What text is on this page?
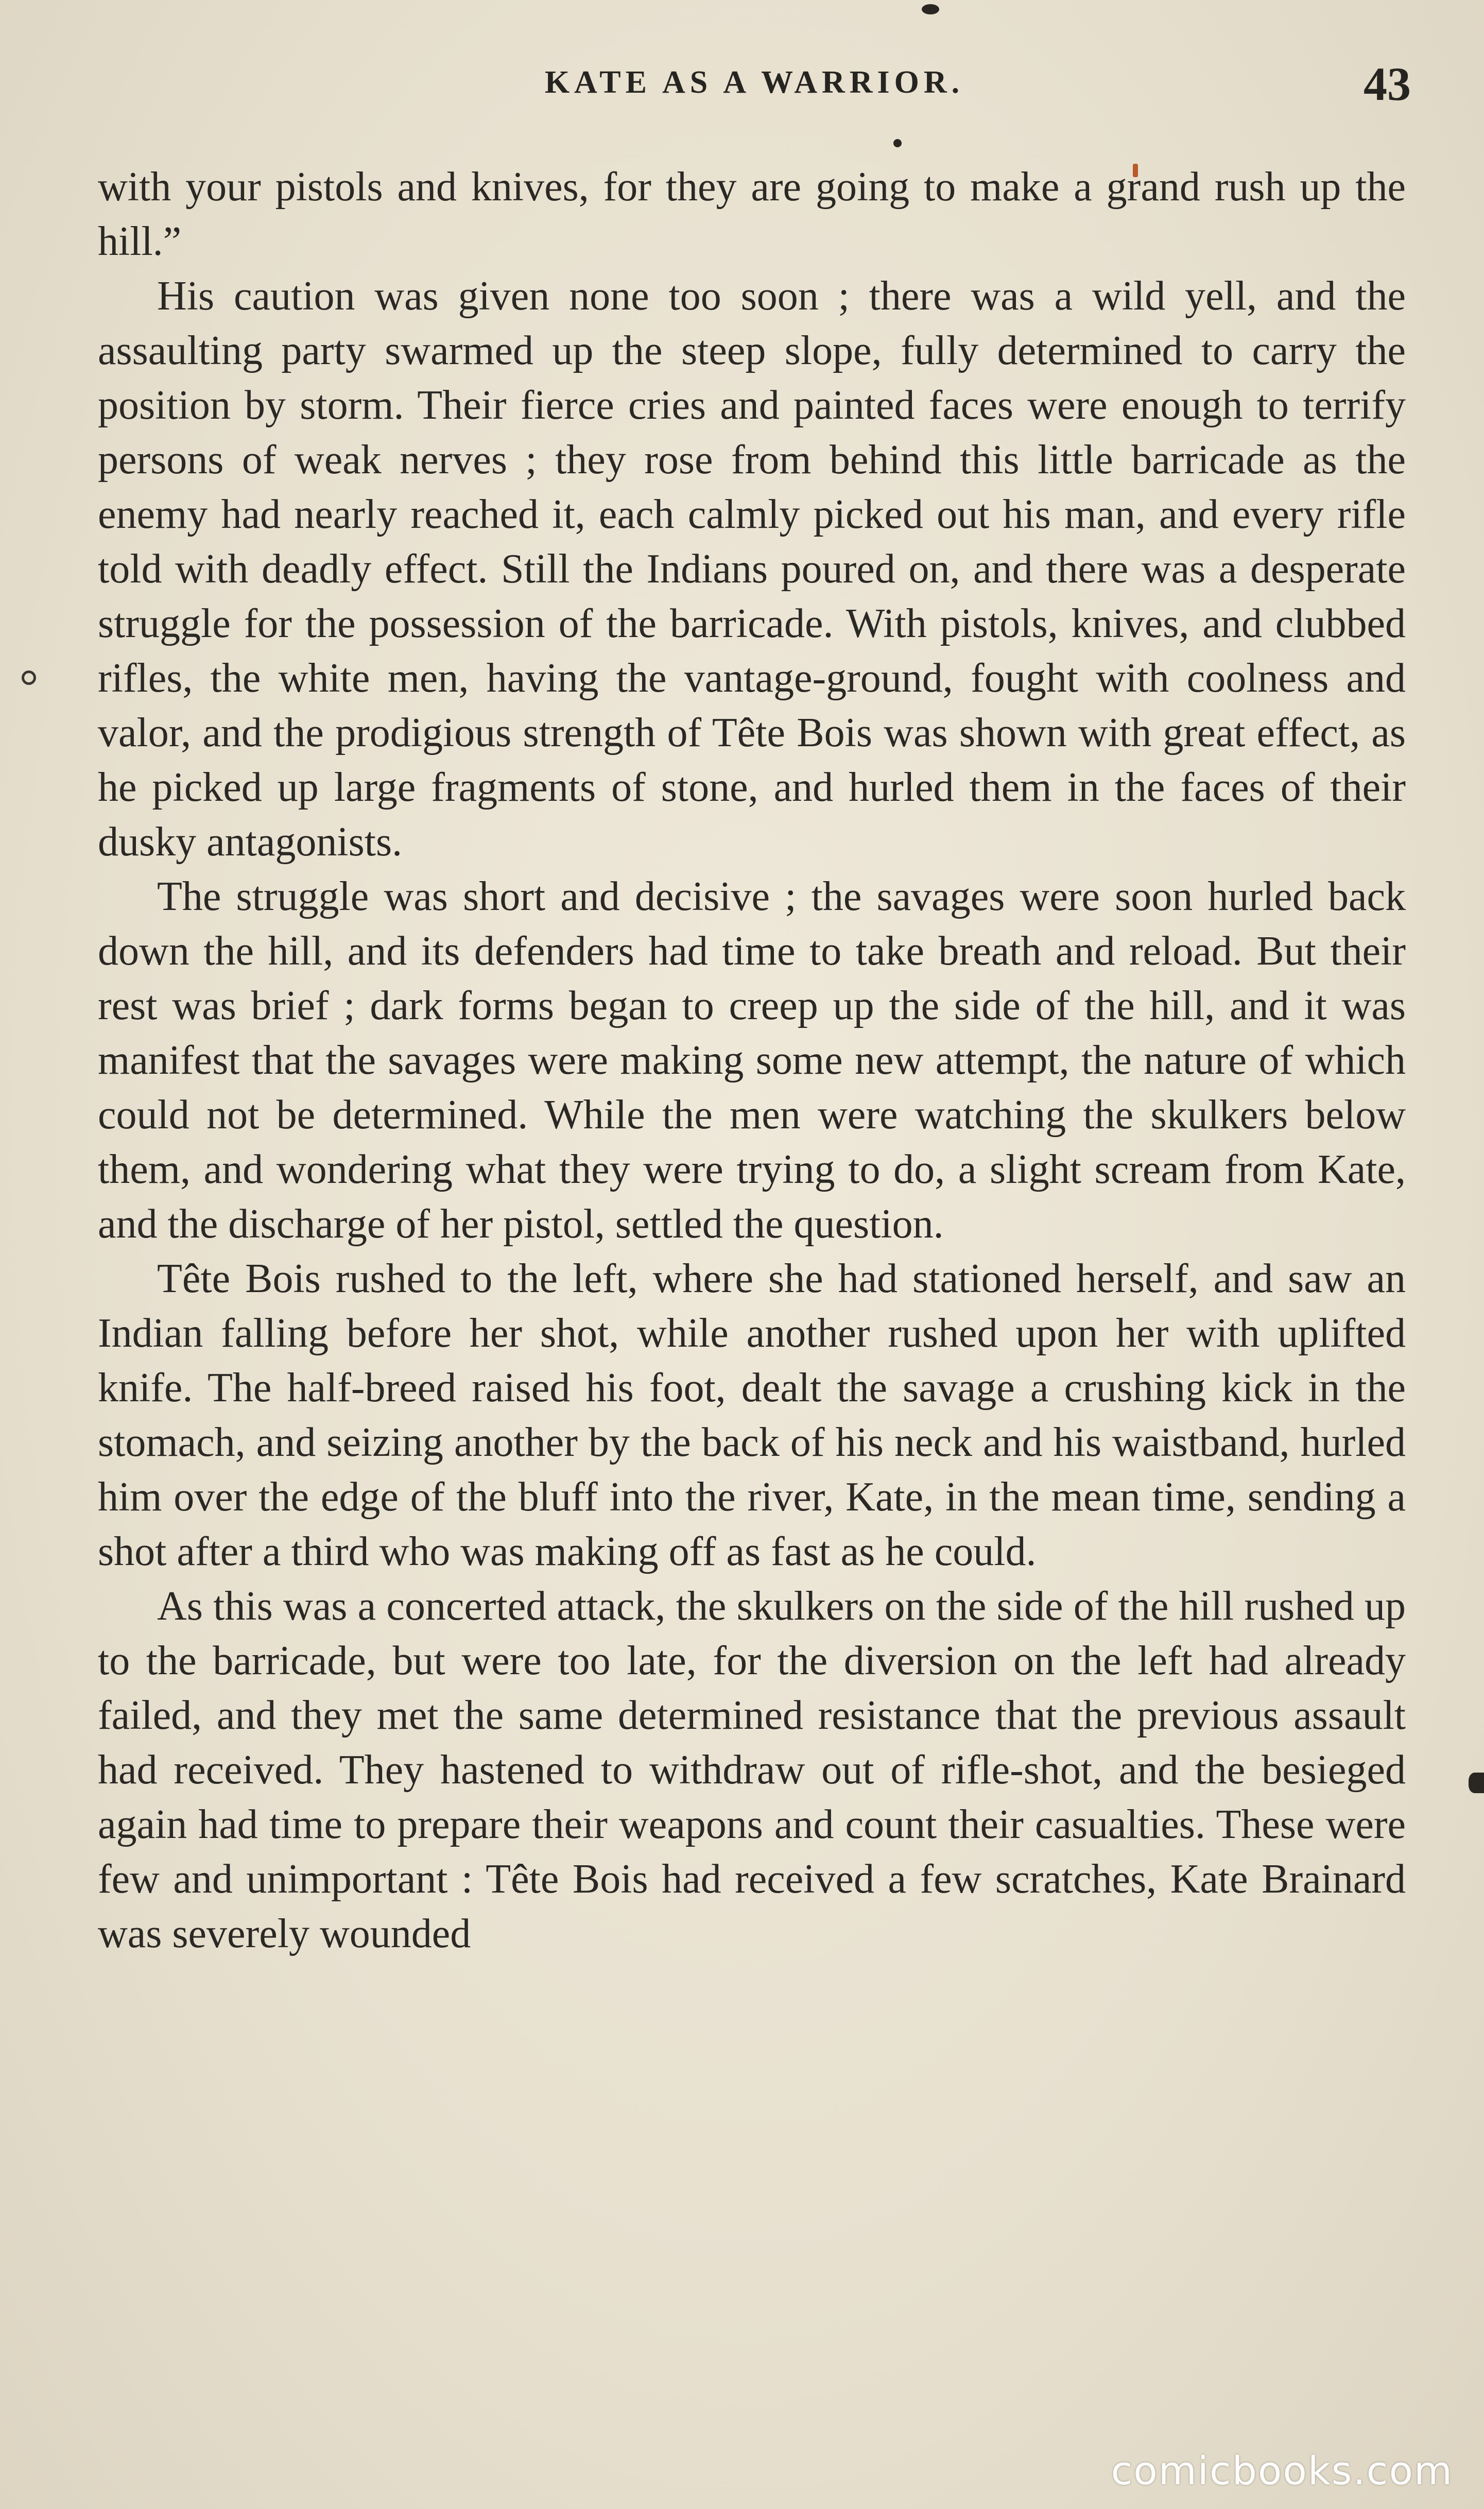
KATE AS A WARRIOR.	43

with your pistols and knives, for they are going to make a grand rush up the hill.”

His caution was given none too soon ; there was a wild yell, and the assaulting party swarmed up the steep slope, fully determined to carry the position by storm. Their fierce cries and painted faces were enough to terrify persons of weak nerves ; they rose from behind this little barricade as the enemy had nearly reached it, each calmly picked out his man, and every rifle told with deadly effect. Still the Indians poured on, and there was a desperate struggle for the possession of the barricade. With pistols, knives, and clubbed rifles, the white men, having the vantage-ground, fought with coolness and valor, and the prodigious strength of Tête Bois was shown with great effect, as he picked up large fragments of stone, and hurled them in the faces of their dusky antagonists.

The struggle was short and decisive ; the savages were soon hurled back down the hill, and its defenders had time to take breath and reload. But their rest was brief ; dark forms began to creep up the side of the hill, and it was manifest that the savages were making some new attempt, the nature of which could not be determined. While the men were watching the skulkers below them, and wondering what they were trying to do, a slight scream from Kate, and the discharge of her pistol, settled the question.

Tête Bois rushed to the left, where she had stationed herself, and saw an Indian falling before her shot, while another rushed upon her with uplifted knife. The half-breed raised his foot, dealt the savage a crushing kick in the stomach, and seizing another by the back of his neck and his waistband, hurled him over the edge of the bluff into the river, Kate, in the mean time, sending a shot after a third who was making off as fast as he could.

As this was a concerted attack, the skulkers on the side of the hill rushed up to the barricade, but were too late, for the diversion on the left had already failed, and they met the same determined resistance that the previous assault had received. They hastened to withdraw out of rifle-shot, and the besieged again had time to prepare their weapons and count their casualties. These were few and unimportant : Tête Bois had received a few scratches, Kate Brainard was severely wounded

comicbooks.com
